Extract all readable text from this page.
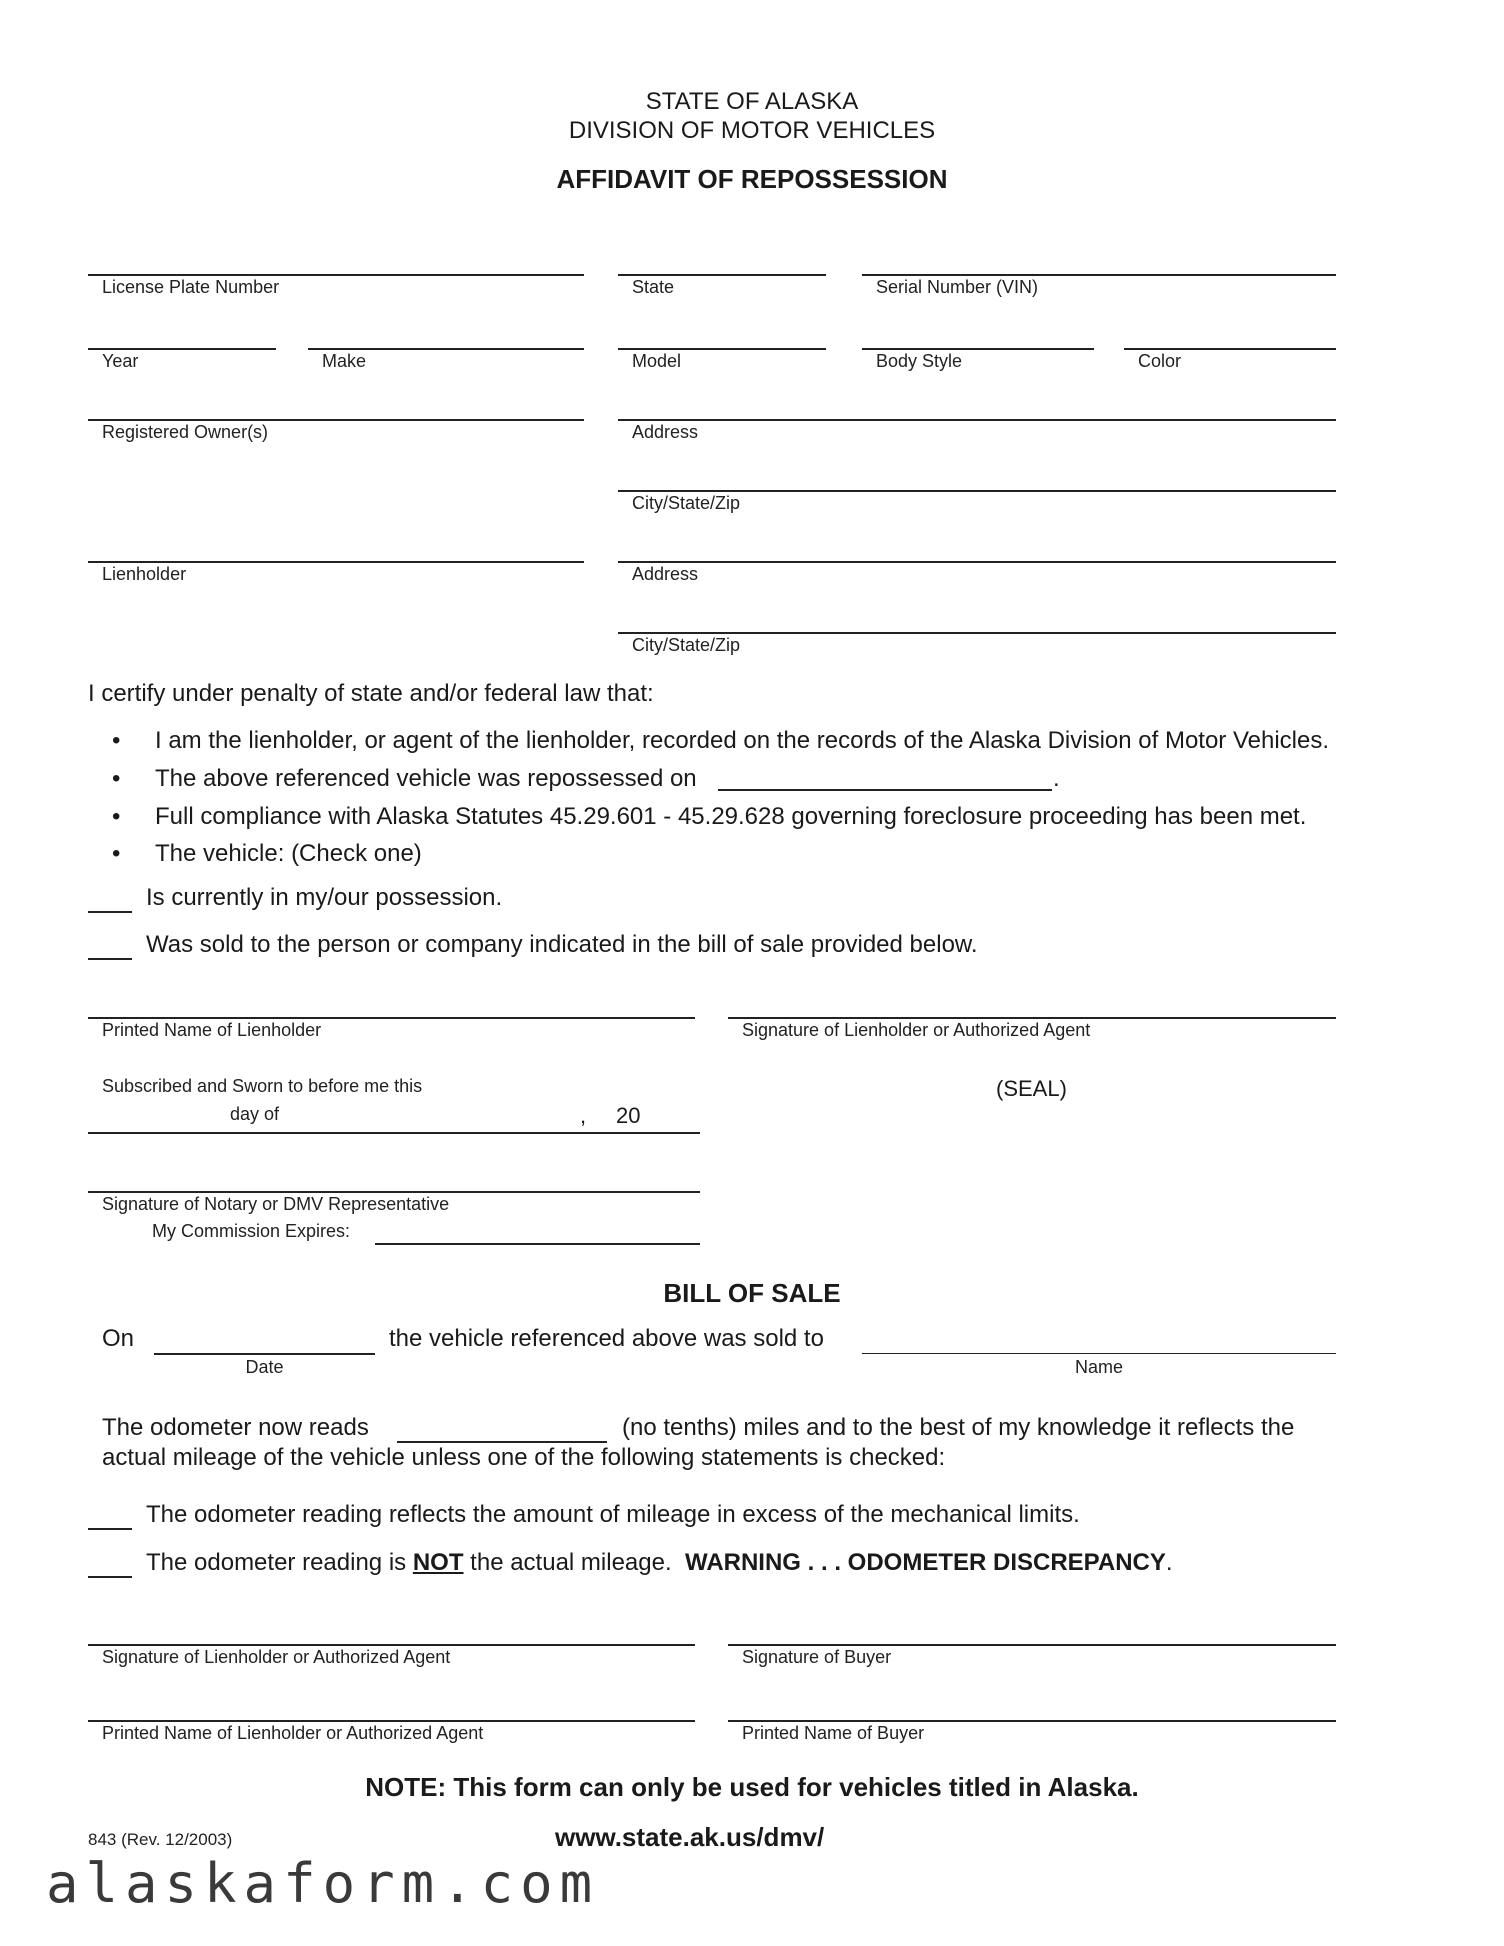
STATE OF ALASKA
DIVISION OF MOTOR VEHICLES
AFFIDAVIT OF REPOSSESSION
License Plate Number	State	Serial Number (VIN)
Year	Make	Model	Body Style	Color
Registered Owner(s)	Address
City/State/Zip
Lienholder	Address
City/State/Zip
I certify under penalty of state and/or federal law that:
• I am the lienholder, or agent of the lienholder, recorded on the records of the Alaska Division of Motor Vehicles.
• The above referenced vehicle was repossessed on	.
• Full compliance with Alaska Statutes 45.29.601 - 45.29.628 governing foreclosure proceeding has been met.
• The vehicle: (Check one)
Is currently in my/our possession.
Was sold to the person or company indicated in the bill of sale provided below.
Printed Name of Lienholder	Signature of Lienholder or Authorized Agent
Subscribed and Sworn to before me this
day of	, 20
(SEAL)
Signature of Notary or DMV Representative
My Commission Expires:
BILL OF SALE
On
Date
the vehicle referenced above was sold to
Name
The odometer now reads	(no tenths) miles and to the best of my knowledge it reflects the
actual mileage of the vehicle unless one of the following statements is checked:
The odometer reading reflects the amount of mileage in excess of the mechanical limits.
The odometer reading is NOT the actual mileage. WARNING . . . ODOMETER DISCREPANCY.
Signature of Lienholder or Authorized Agent	Signature of Buyer
Printed Name of Lienholder or Authorized Agent	Printed Name of Buyer
NOTE: This form can only be used for vehicles titled in Alaska.
843 (Rev. 12/2003)	www.state.ak.us/dmv/
alaskaform.com
